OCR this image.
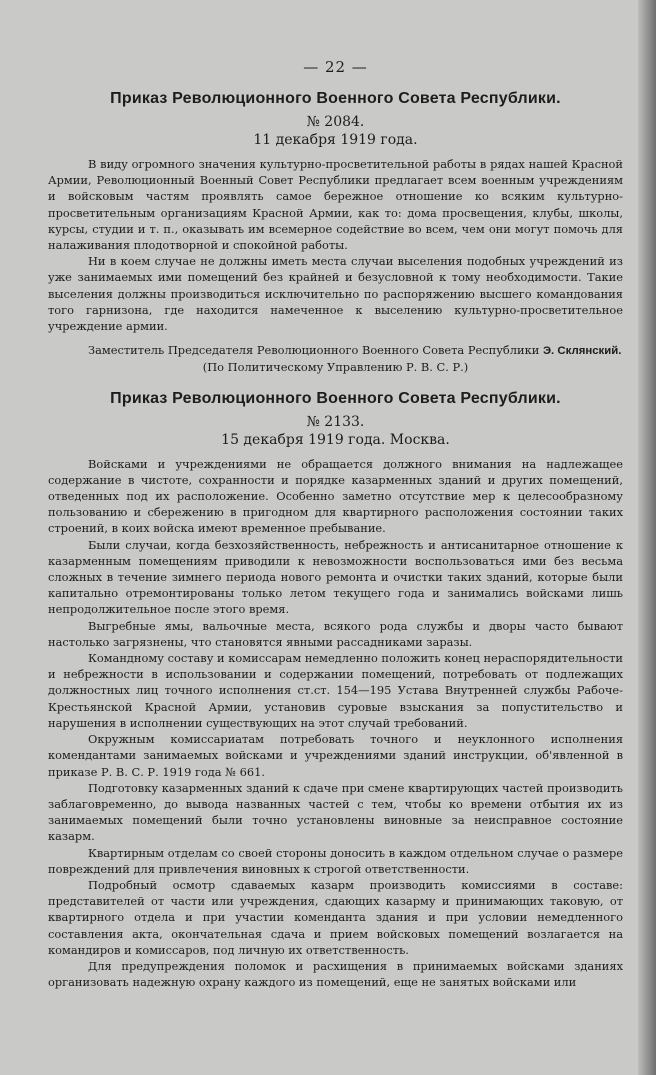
— 22 —
Приказ Революционного Военного Совета Республики.
№ 2084.
11 декабря 1919 года.

В виду огромного значения культурно-просветительной работы в рядах нашей Красной Армии, Революционный Военный Совет Республики предлагает всем военным учреждениям и войсковым частям проявлять самое бережное отношение ко всяким культурно-просветительным организациям Красной Армии, как то: дома просвещения, клубы, школы, курсы, студии и т. п., оказывать им всемерное содействие во всем, чем они могут помочь для налаживания плодотворной и спокойной работы.

Ни в коем случае не должны иметь места случаи выселения подобных учреждений из уже занимаемых ими помещений без крайней и безусловной к тому необходимости. Такие выселения должны производиться исключительно по распоряжению высшего командования того гарнизона, где находится намеченное к выселению культурно-просветительное учреждение армии.

Заместитель Председателя Революционного Военного Совета Республики Э. Склянский.
(По Политическому Управлению Р. В. С. Р.)
Приказ Революционного Военного Совета Республики.
№ 2133.
15 декабря 1919 года. Москва.

Войсками и учреждениями не обращается должного внимания на надлежащее содержание в чистоте, сохранности и порядке казарменных зданий и других помещений, отведенных под их расположение. Особенно заметно отсутствие мер к целесообразному пользованию и сбережению в пригодном для квартирного расположения состоянии таких строений, в коих войска имеют временное пребывание.

Были случаи, когда безхозяйственность, небрежность и антисанитарное отношение к казарменным помещениям приводили к невозможности воспользоваться ими без весьма сложных в течение зимнего периода нового ремонта и очистки таких зданий, которые были капитально отремонтированы только летом текущего года и занимались войсками лишь непродолжительное после этого время.

Выгребные ямы, вальочные места, всякого рода службы и дворы часто бывают настолько загрязнены, что становятся явными рассадниками заразы.

Командному составу и комиссарам немедленно положить конец нераспорядительности и небрежности в использовании и содержании помещений, потребовать от подлежащих должностных лиц точного исполнения ст.ст. 154—195 Устава Внутренней службы Рабоче-Крестьянской Красной Армии, установив суровые взыскания за попустительство и нарушения в исполнении существующих на этот случай требований.

Окружным комиссариатам потребовать точного и неуклонного исполнения комендантами занимаемых войсками и учреждениями зданий инструкции, об'явленной в приказе Р. В. С. Р. 1919 года № 661.

Подготовку казарменных зданий к сдаче при смене квартирующих частей производить заблаговременно, до вывода названных частей с тем, чтобы ко времени отбытия их из занимаемых помещений были точно установлены виновные за неисправное состояние казарм.

Квартирным отделам со своей стороны доносить в каждом отдельном случае о размере повреждений для привлечения виновных к строгой ответственности.

Подробный осмотр сдаваемых казарм производить комиссиями в составе: представителей от части или учреждения, сдающих казарму и принимающих таковую, от квартирного отдела и при участии коменданта здания и при условии немедленного составления акта, окончательная сдача и прием войсковых помещений возлагается на командиров и комиссаров, под личную их ответственность.

Для предупреждения поломок и расхищения в принимаемых войсками зданиях организовать надежную охрану каждого из помещений, еще не занятых войсками или
